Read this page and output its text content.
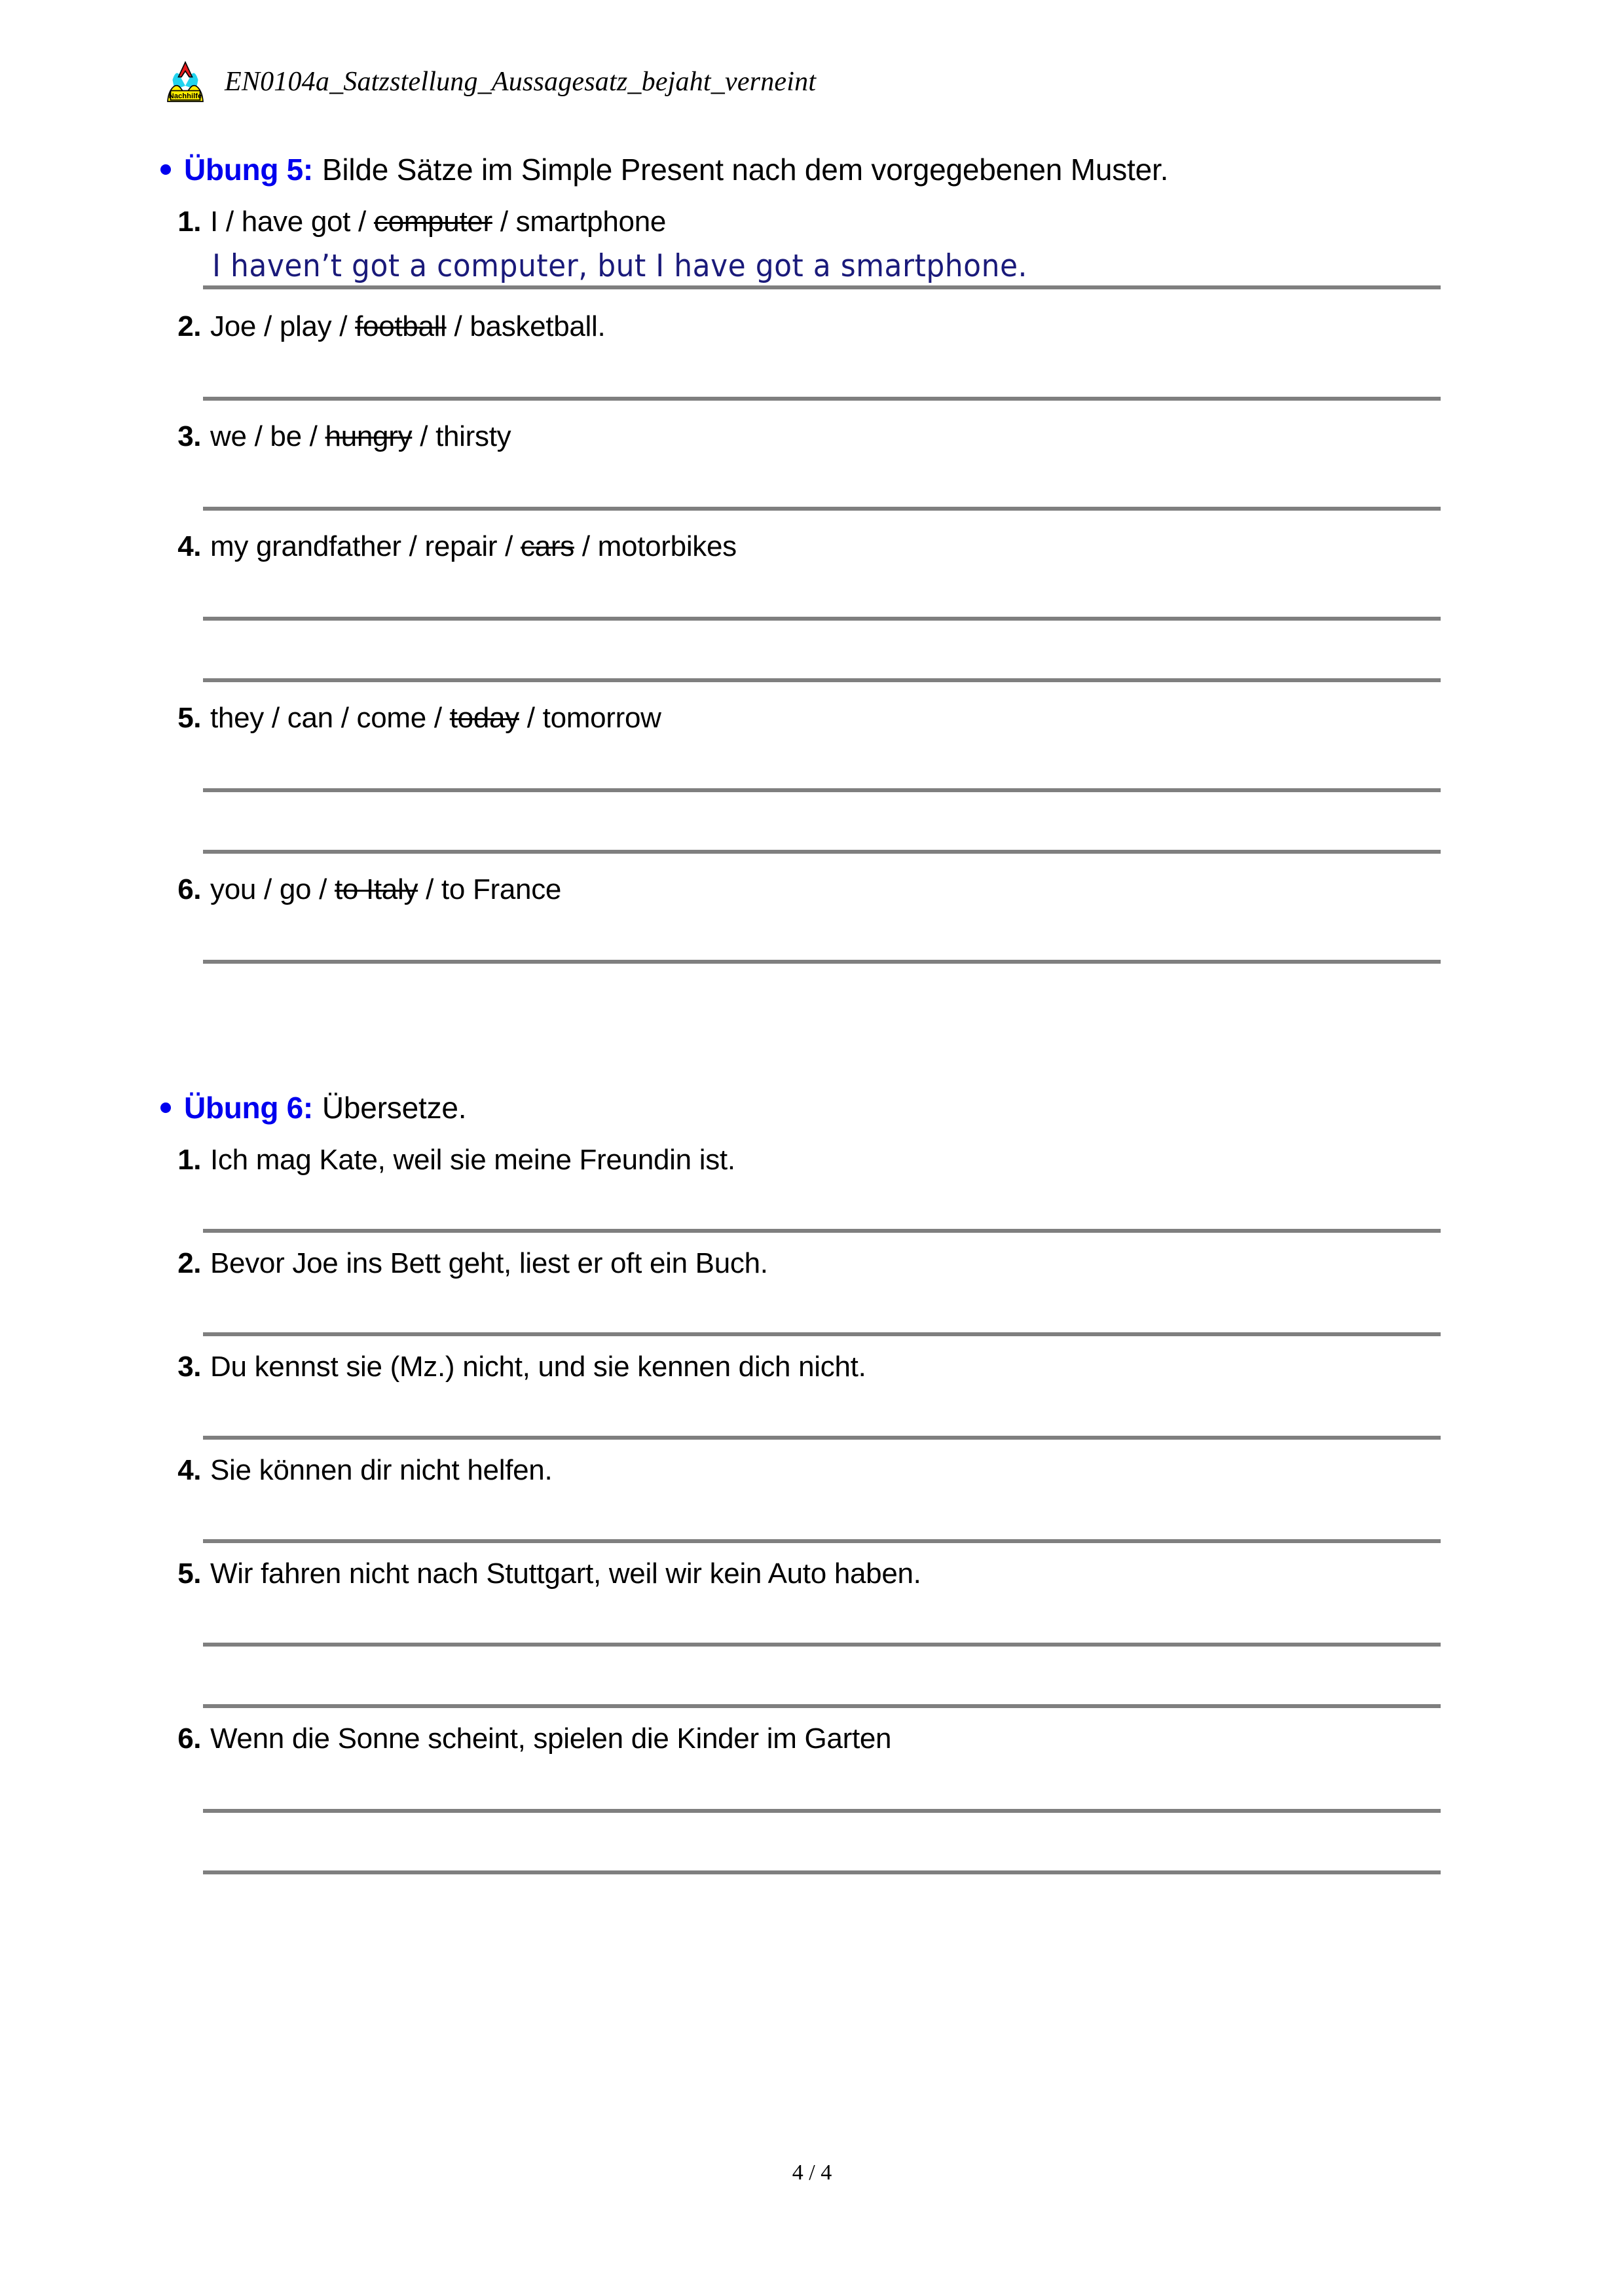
Nachhilfe EN0104a_Satzstellung_Aussagesatz_bejaht_verneint
Übung 5: Bilde Sätze im Simple Present nach dem vorgegebenen Muster.
1. I / have got / computer / smartphone
I haven’t got a computer, but I have got a smartphone.
2. Joe / play / football / basketball.
3. we / be / hungry / thirsty
4. my grandfather / repair / cars / motorbikes
5. they / can / come / today / tomorrow
6. you / go / to Italy / to France
Übung 6: Übersetze.
1. Ich mag Kate, weil sie meine Freundin ist.
2. Bevor Joe ins Bett geht, liest er oft ein Buch.
3. Du kennst sie (Mz.) nicht, und sie kennen dich nicht.
4. Sie können dir nicht helfen.
5. Wir fahren nicht nach Stuttgart, weil wir kein Auto haben.
6. Wenn die Sonne scheint, spielen die Kinder im Garten
4 / 4
